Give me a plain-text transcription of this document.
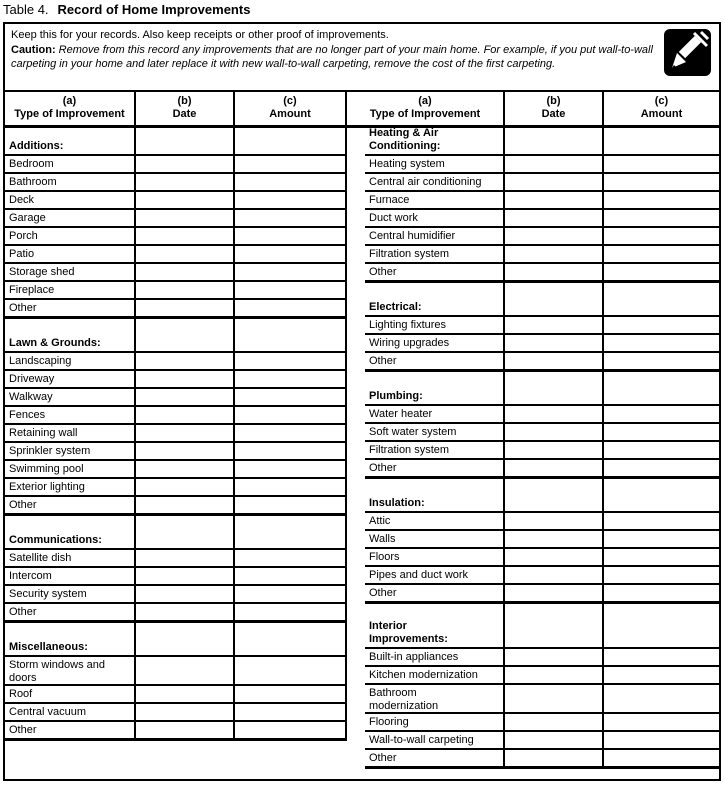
Table 4. Record of Home Improvements
Keep this for your records. Also keep receipts or other proof of improvements.
Caution: Remove from this record any improvements that are no longer part of your main home. For example, if you put wall-to-wall carpeting in your home and later replace it with new wall-to-wall carpeting, remove the cost of the first carpeting.
(a)
Type of Improvement
(b)
Date
(c)
Amount
(a)
Type of Improvement
(b)
Date
(c)
Amount
Additions:
Bedroom
Bathroom
Deck
Garage
Porch
Patio
Storage shed
Fireplace
Other
Lawn & Grounds:
Landscaping
Driveway
Walkway
Fences
Retaining wall
Sprinkler system
Swimming pool
Exterior lighting
Other
Communications:
Satellite dish
Intercom
Security system
Other
Miscellaneous:
Storm windows and
doors
Roof
Central vacuum
Other
Heating & Air
Conditioning:
Heating system
Central air conditioning
Furnace
Duct work
Central humidifier
Filtration system
Other
Electrical:
Lighting fixtures
Wiring upgrades
Other
Plumbing:
Water heater
Soft water system
Filtration system
Other
Insulation:
Attic
Walls
Floors
Pipes and duct work
Other
Interior
Improvements:
Built-in appliances
Kitchen modernization
Bathroom
modernization
Flooring
Wall-to-wall carpeting
Other
